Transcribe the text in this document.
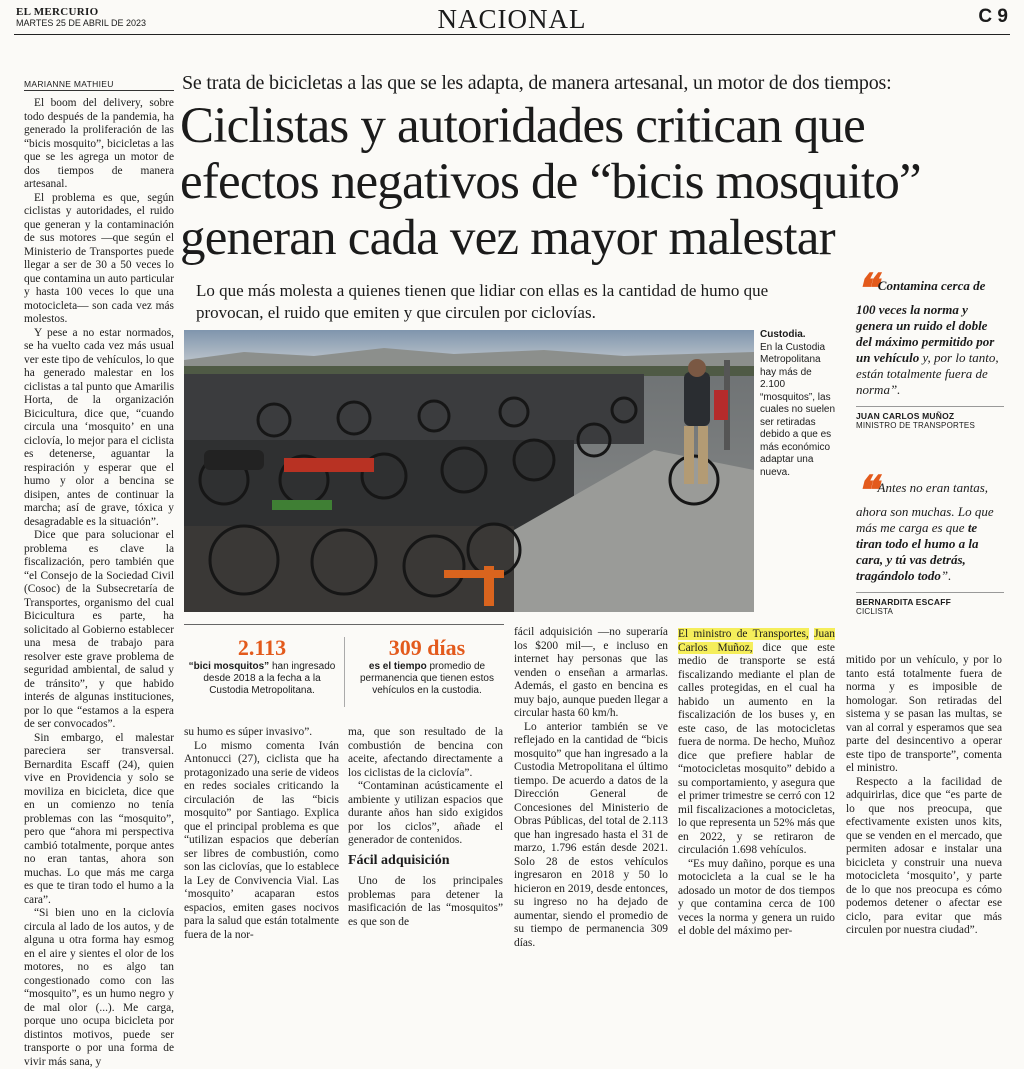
EL MERCURIO
MARTES 25 DE ABRIL DE 2023	NACIONAL	C 9
MARIANNE MATHIEU	Se trata de bicicletas a las que se les adapta, de manera artesanal, un motor de dos tiempos:
Ciclistas y autoridades critican que
efectos negativos de “bicis mosquito”
generan cada vez mayor malestar
Lo que más molesta a quienes tienen que lidiar con ellas es la cantidad de humo que
provocan, el ruido que emiten y que circulen por ciclovías.

El boom del delivery, sobre todo después de la pandemia, ha generado la proliferación de las “bicis mosquito”, bicicletas a las que se les agrega un motor de dos tiempos de manera artesanal.

El problema es que, según ciclistas y autoridades, el ruido que generan y la contaminación de sus motores —que según el Ministerio de Transportes puede llegar a ser de 30 a 50 veces lo que contamina un auto particular y hasta 100 veces lo que una motocicleta— son cada vez más molestos.

Y pese a no estar normados, se ha vuelto cada vez más usual ver este tipo de vehículos, lo que ha generado malestar en los ciclistas a tal punto que Amarilis Horta, de la organización Bicicultura, dice que, “cuando circula una ‘mosquito’ en una ciclovía, lo mejor para el ciclista es detenerse, aguantar la respiración y esperar que el humo y olor a bencina se disipen, antes de continuar la marcha; así de grave, tóxica y desagradable es la situación”.

Dice que para solucionar el problema es clave la fiscalización, pero también que “el Consejo de la Sociedad Civil (Cosoc) de la Subsecretaría de Transportes, organismo del cual Bicicultura es parte, ha solicitado al Gobierno establecer una mesa de trabajo para resolver este grave problema de seguridad ambiental, de salud y de tránsito”, y que habido interés de algunas instituciones, por lo que “estamos a la espera de ser convocados”.

Sin embargo, el malestar pareciera ser transversal. Bernardita Escaff (24), quien vive en Providencia y solo se moviliza en bicicleta, dice que en un comienzo no tenía problemas con las “mosquito”, pero que “ahora mi perspectiva cambió totalmente, porque antes no eran tantas, ahora son muchas. Lo que más me carga es que te tiran todo el humo a la cara”.

“Si bien uno en la ciclovía circula al lado de los autos, y de alguna u otra forma hay esmog en el aire y sientes el olor de los motores, no es algo tan congestionado como con las “mosquito”, es un humo negro y de mal olor (...). Me carga, porque uno ocupa bicicleta por distintos motivos, puede ser transporte o por una forma de vivir más sana, y

Custodia.
En la Custodia Metropolitana hay más de 2.100 “mosquitos”, las cuales no suelen ser retiradas debido a que es más económico adaptar una nueva.
❝ Contamina cerca de 100 veces la norma y genera un ruido el doble del máximo permitido por un vehículo y, por lo tanto, están totalmente fuera de norma”.
JUAN CARLOS MUÑOZ
MINISTRO DE TRANSPORTES
❝ Antes no eran tantas, ahora son muchas. Lo que más me carga es que te tiran todo el humo a la cara, y tú vas detrás, tragándolo todo”.
BERNARDITA ESCAFF
CICLISTA
2.113
“bici mosquitos” han ingresado desde 2018 a la fecha a la Custodia Metropolitana.
309 días
es el tiempo promedio de permanencia que tienen estos vehículos en la custodia.

su humo es súper invasivo”.

Lo mismo comenta Iván Antonucci (27), ciclista que ha protagonizado una serie de videos en redes sociales criticando la circulación de las “bicis mosquito” por Santiago. Explica que el principal problema es que “utilizan espacios que deberían ser libres de combustión, como son las ciclovías, que lo establece la Ley de Convivencia Vial. Las ‘mosquito’ acaparan estos espacios, emiten gases nocivos para la salud que están totalmente fuera de la nor-

ma, que son resultado de la combustión de bencina con aceite, afectando directamente a los ciclistas de la ciclovía”.

“Contaminan acústicamente el ambiente y utilizan espacios que durante años han sido exigidos por los ciclos”, añade el generador de contenidos.

Fácil adquisición

Uno de los principales problemas para detener la masificación de las “mosquitos” es que son de

fácil adquisición —no superaría los $200 mil—, e incluso en internet hay personas que las venden o enseñan a armarlas. Además, el gasto en bencina es muy bajo, aunque pueden llegar a circular hasta 60 km/h.

Lo anterior también se ve reflejado en la cantidad de “bicis mosquito” que han ingresado a la Custodia Metropolitana el último tiempo. De acuerdo a datos de la Dirección General de Concesiones del Ministerio de Obras Públicas, del total de 2.113 que han ingresado hasta el 31 de marzo, 1.796 están desde 2021. Solo 28 de estos vehículos ingresaron en 2018 y 50 lo hicieron en 2019, desde entonces, su ingreso no ha dejado de aumentar, siendo el promedio de su tiempo de permanencia 309 días.

El ministro de Transportes, Juan Carlos Muñoz, dice que este medio de transporte se está fiscalizando mediante el plan de calles protegidas, en el cual ha habido un aumento en la fiscalización de los buses y, en este caso, de las motocicletas fuera de norma. De hecho, Muñoz dice que prefiere hablar de “motocicletas mosquito” debido a su comportamiento, y asegura que el primer trimestre se cerró con 12 mil fiscalizaciones a motocicletas, lo que representa un 52% más que en 2022, y se retiraron de circulación 1.698 vehículos.

“Es muy dañino, porque es una motocicleta a la cual se le ha adosado un motor de dos tiempos y que contamina cerca de 100 veces la norma y genera un ruido el doble del máximo per-

mitido por un vehículo, y por lo tanto está totalmente fuera de norma y es imposible de homologar. Son retiradas del sistema y se pasan las multas, se van al corral y esperamos que sea parte del desincentivo a operar este tipo de transporte”, comenta el ministro.

Respecto a la facilidad de adquirirlas, dice que “es parte de lo que nos preocupa, que efectivamente existen unos kits, que se venden en el mercado, que permiten adosar e instalar una bicicleta y construir una nueva motocicleta ‘mosquito’, y parte de lo que nos preocupa es cómo podemos detener o afectar ese ciclo, para evitar que más circulen por nuestra ciudad”.
